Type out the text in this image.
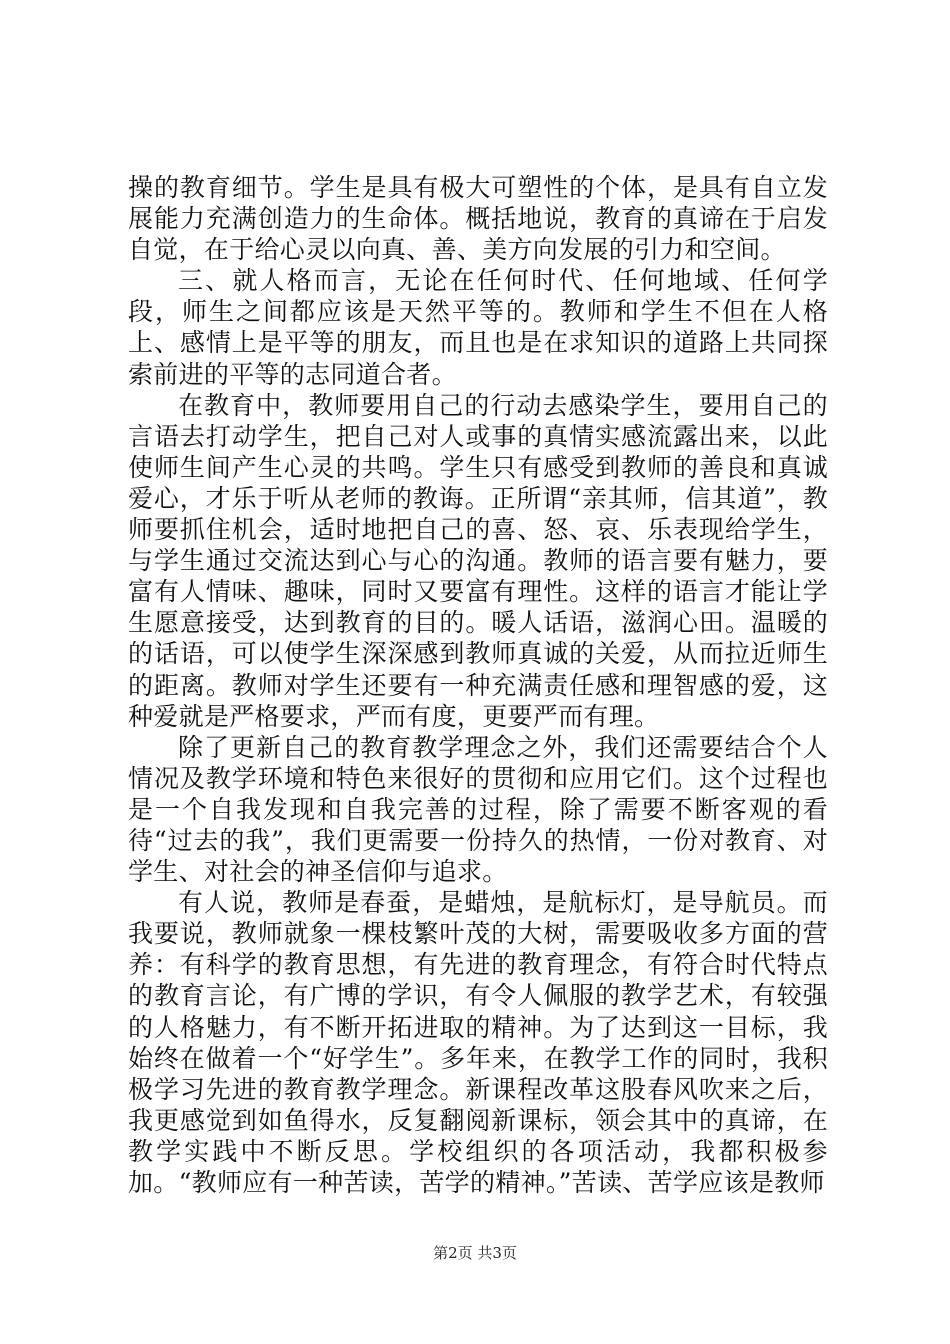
操的教育细节。学生是具有极大可塑性的个体，是具有自立发展能力充满创造力的生命体。概括地说，教育的真谛在于启发自觉，在于给心灵以向真、善、美方向发展的引力和空间。

三、就人格而言，无论在任何时代、任何地域、任何学段，师生之间都应该是天然平等的。教师和学生不但在人格上、感情上是平等的朋友，而且也是在求知识的道路上共同探索前进的平等的志同道合者。

在教育中，教师要用自己的行动去感染学生，要用自己的言语去打动学生，把自己对人或事的真情实感流露出来，以此使师生间产生心灵的共鸣。学生只有感受到教师的善良和真诚爱心，才乐于听从老师的教诲。正所谓“亲其师，信其道”，教师要抓住机会，适时地把自己的喜、怒、哀、乐表现给学生，与学生通过交流达到心与心的沟通。教师的语言要有魅力，要富有人情味、趣味，同时又要富有理性。这样的语言才能让学生愿意接受，达到教育的目的。暖人话语，滋润心田。温暖的的话语，可以使学生深深感到教师真诚的关爱，从而拉近师生的距离。教师对学生还要有一种充满责任感和理智感的爱，这种爱就是严格要求，严而有度，更要严而有理。

除了更新自己的教育教学理念之外，我们还需要结合个人情况及教学环境和特色来很好的贯彻和应用它们。这个过程也是一个自我发现和自我完善的过程，除了需要不断客观的看待“过去的我”，我们更需要一份持久的热情，一份对教育、对学生、对社会的神圣信仰与追求。

有人说，教师是春蚕，是蜡烛，是航标灯，是导航员。而我要说，教师就象一棵枝繁叶茂的大树，需要吸收多方面的营养：有科学的教育思想，有先进的教育理念，有符合时代特点的教育言论，有广博的学识，有令人佩服的教学艺术，有较强的人格魅力，有不断开拓进取的精神。为了达到这一目标，我始终在做着一个“好学生”。多年来，在教学工作的同时，我积极学习先进的教育教学理念。新课程改革这股春风吹来之后，我更感觉到如鱼得水，反复翻阅新课标，领会其中的真谛，在教学实践中不断反思。学校组织的各项活动，我都积极参加。“教师应有一种苦读，苦学的精神。”苦读、苦学应该是教师

第2页 共3页
